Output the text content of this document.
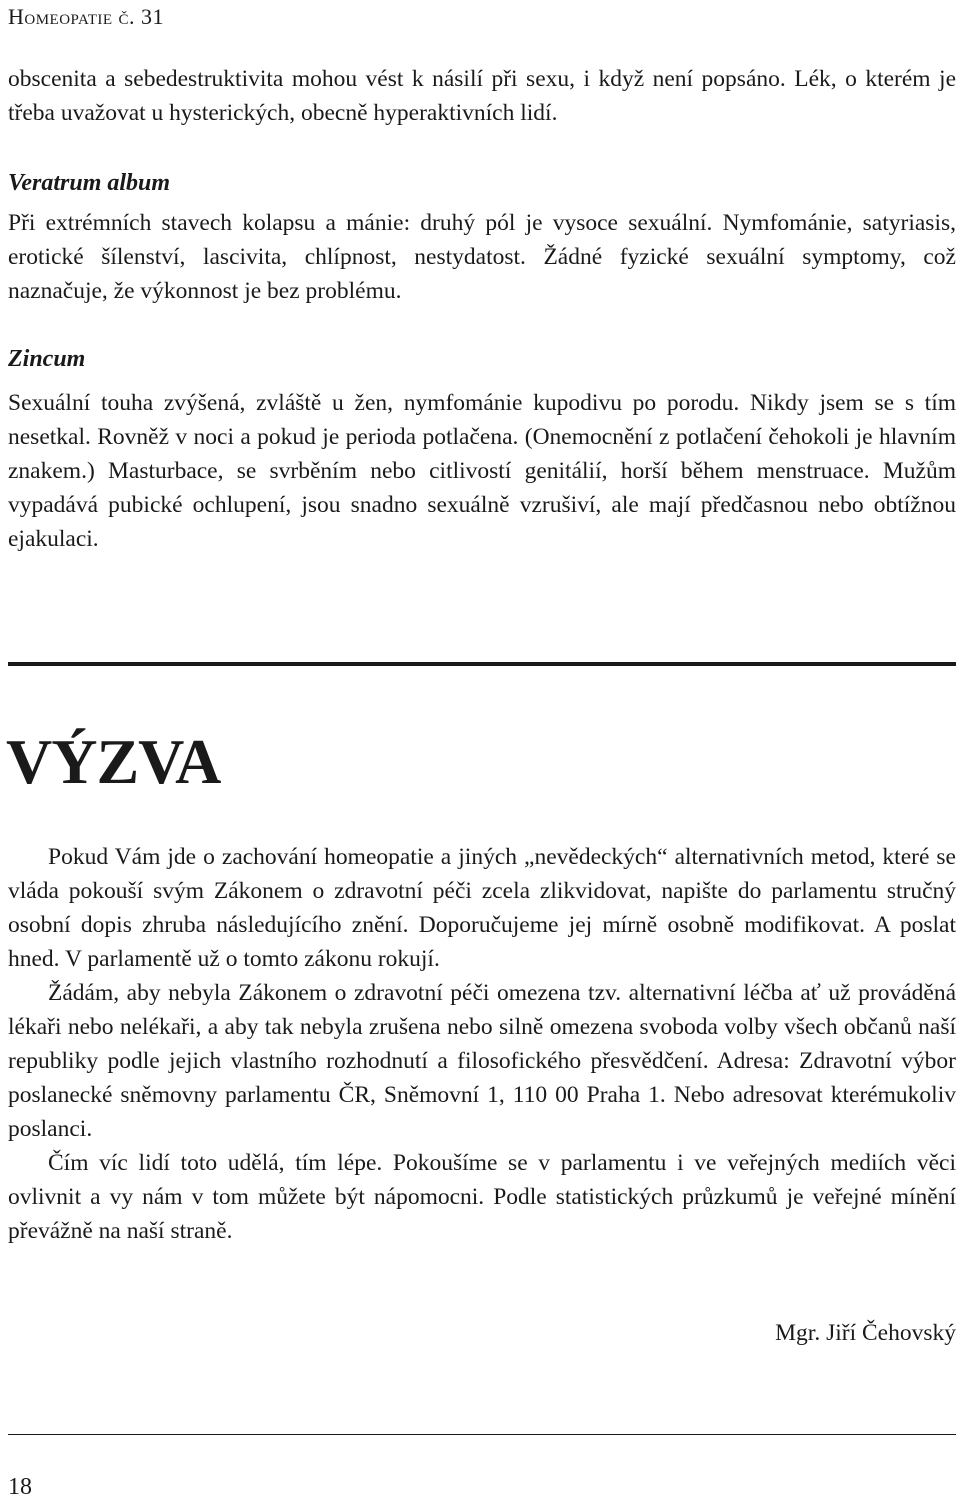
Homeopatie č. 31

obscenita a sebedestruktivita mohou vést k násilí při sexu, i když není popsáno. Lék, o kterém je třeba uvažovat u hysterických, obecně hyperaktivních lidí.

Veratrum album

Při extrémních stavech kolapsu a mánie: druhý pól je vysoce sexuální. Nymfománie, satyriasis, erotické šílenství, lascivita, chlípnost, nestydatost. Žádné fyzické sexuální symptomy, což naznačuje, že výkonnost je bez problému.

Zincum

Sexuální touha zvýšená, zvláště u žen, nymfománie kupodivu po porodu. Nikdy jsem se s tím nesetkal. Rovněž v noci a pokud je perioda potlačena. (Onemocnění z potlačení čehokoli je hlavním znakem.) Masturbace, se svrběním nebo citlivostí genitálií, horší během menstruace. Mužům vypadává pubické ochlupení, jsou snadno sexuálně vzrušiví, ale mají předčasnou nebo obtížnou ejakulaci.

VÝZVA

Pokud Vám jde o zachování homeopatie a jiných „nevědeckých“ alternativních metod, které se vláda pokouší svým Zákonem o zdravotní péči zcela zlikvidovat, napište do parlamentu stručný osobní dopis zhruba následujícího znění. Doporučujeme jej mírně osobně modifikovat. A poslat hned. V parlamentě už o tomto zákonu rokují.

Žádám, aby nebyla Zákonem o zdravotní péči omezena tzv. alternativní léčba ať už prováděná lékaři nebo nelékaři, a aby tak nebyla zrušena nebo silně omezena svoboda volby všech občanů naší republiky podle jejich vlastního rozhodnutí a filosofického přesvědčení. Adresa: Zdravotní výbor poslanecké sněmovny parlamentu ČR, Sněmovní 1, 110 00 Praha 1. Nebo adresovat kterémukoliv poslanci.

Čím víc lidí toto udělá, tím lépe. Pokoušíme se v parlamentu i ve veřejných mediích věci ovlivnit a vy nám v tom můžete být nápomocni. Podle statistických průzkumů je veřejné mínění převážně na naší straně.

Mgr. Jiří Čehovský
18
